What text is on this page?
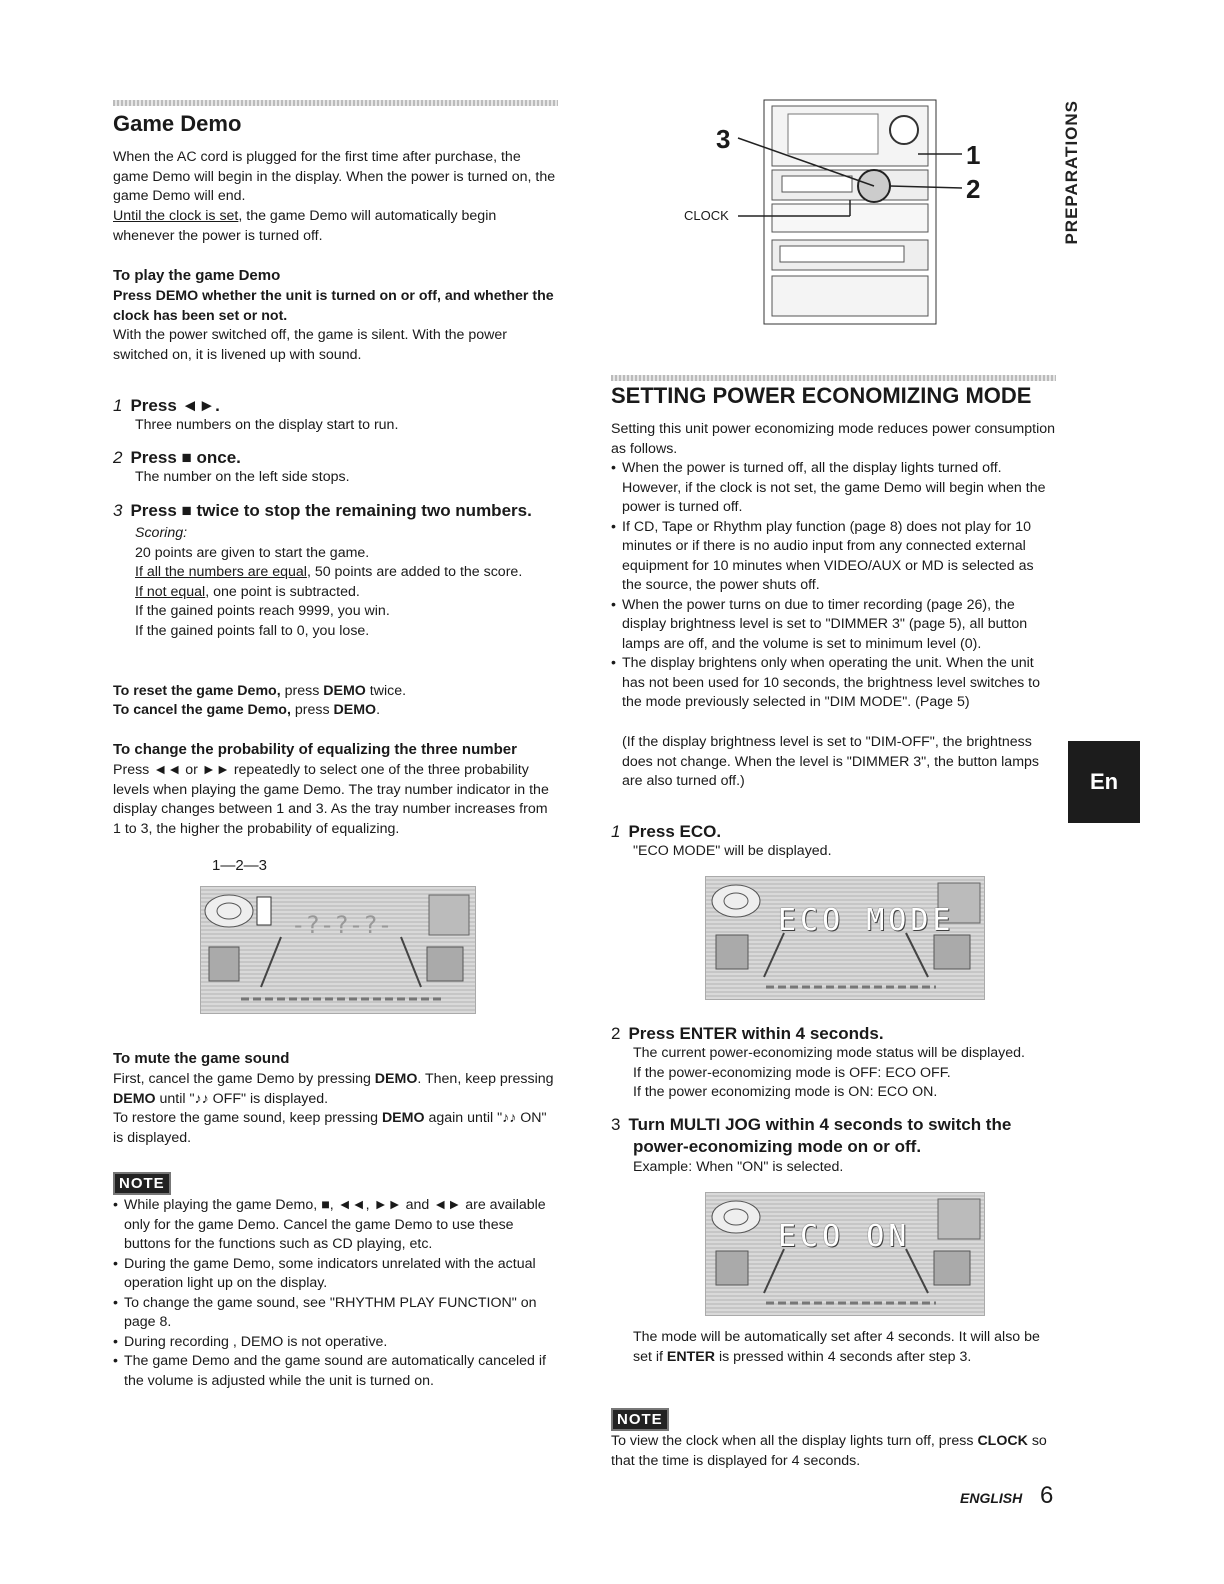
Game Demo

When the AC cord is plugged for the first time after purchase, the game Demo will begin in the display. When the power is turned on, the game Demo will end.

Until the clock is set, the game Demo will automatically begin whenever the power is turned off.

To play the game Demo

Press DEMO whether the unit is turned on or off, and whether the clock has been set or not.

With the power switched off, the game is silent. With the power switched on, it is livened up with sound.

1 Press ◄►.

Three numbers on the display start to run.

2 Press ■ once.

The number on the left side stops.

3 Press ■ twice to stop the remaining two numbers.

Scoring:

20 points are given to start the game.

If all the numbers are equal, 50 points are added to the score.

If not equal, one point is subtracted.

If the gained points reach 9999, you win.

If the gained points fall to 0, you lose.

To reset the game Demo, press DEMO twice.

To cancel the game Demo, press DEMO.

To change the probability of equalizing the three number

Press ◄◄ or ►► repeatedly to select one of the three probability levels when playing the game Demo. The tray number indicator in the display changes between 1 and 3. As the tray number increases from 1 to 3, the higher the probability of equalizing.

1—2—3
-?-?-?-
To mute the game sound

First, cancel the game Demo by pressing DEMO. Then, keep pressing DEMO until "♪♪ OFF" is displayed.

To restore the game sound, keep pressing DEMO again until "♪♪ ON" is displayed.

NOTE
• While playing the game Demo, ■, ◄◄, ►► and ◄► are available only for the game Demo. Cancel the game Demo to use these buttons for the functions such as CD playing, etc.
• During the game Demo, some indicators unrelated with the actual operation light up on the display.
• To change the game sound, see "RHYTHM PLAY FUNCTION" on page 8.
• During recording , DEMO is not operative.
• The game Demo and the game sound are automatically canceled if the volume is adjusted while the unit is turned on.
3
1
2
CLOCK	PREPARATIONS
SETTING POWER ECONOMIZING MODE

Setting this unit power economizing mode reduces power consumption as follows.

• When the power is turned off, all the display lights turned off. However, if the clock is not set, the game Demo will begin when the power is turned off.
• If CD, Tape or Rhythm play function (page 8) does not play for 10 minutes or if there is no audio input from any connected external equipment for 10 minutes when VIDEO/AUX or MD is selected as the source, the power shuts off.
• When the power turns on due to timer recording (page 26), the display brightness level is set to "DIMMER 3" (page 5), all button lamps are off, and the volume is set to minimum level (0).
• The display brightens only when operating the unit. When the unit has not been used for 10 seconds, the brightness level switches to the mode previously selected in "DIM MODE". (Page 5)

(If the display brightness level is set to "DIM-OFF", the brightness does not change. When the level is "DIMMER 3", the button lamps are also turned off.)	En
1 Press ECO.

"ECO MODE" will be displayed.

ECO MODE
2 Press ENTER within 4 seconds.

The current power-economizing mode status will be displayed.

If the power-economizing mode is OFF: ECO OFF.

If the power economizing mode is ON: ECO ON.

3 Turn MULTI JOG within 4 seconds to switch the power-economizing mode on or off.

Example: When "ON" is selected.

ECO ON

The mode will be automatically set after 4 seconds. It will also be set if ENTER is pressed within 4 seconds after step 3.

NOTE

To view the clock when all the display lights turn off, press CLOCK so that the time is displayed for 4 seconds.

ENGLISH 6
